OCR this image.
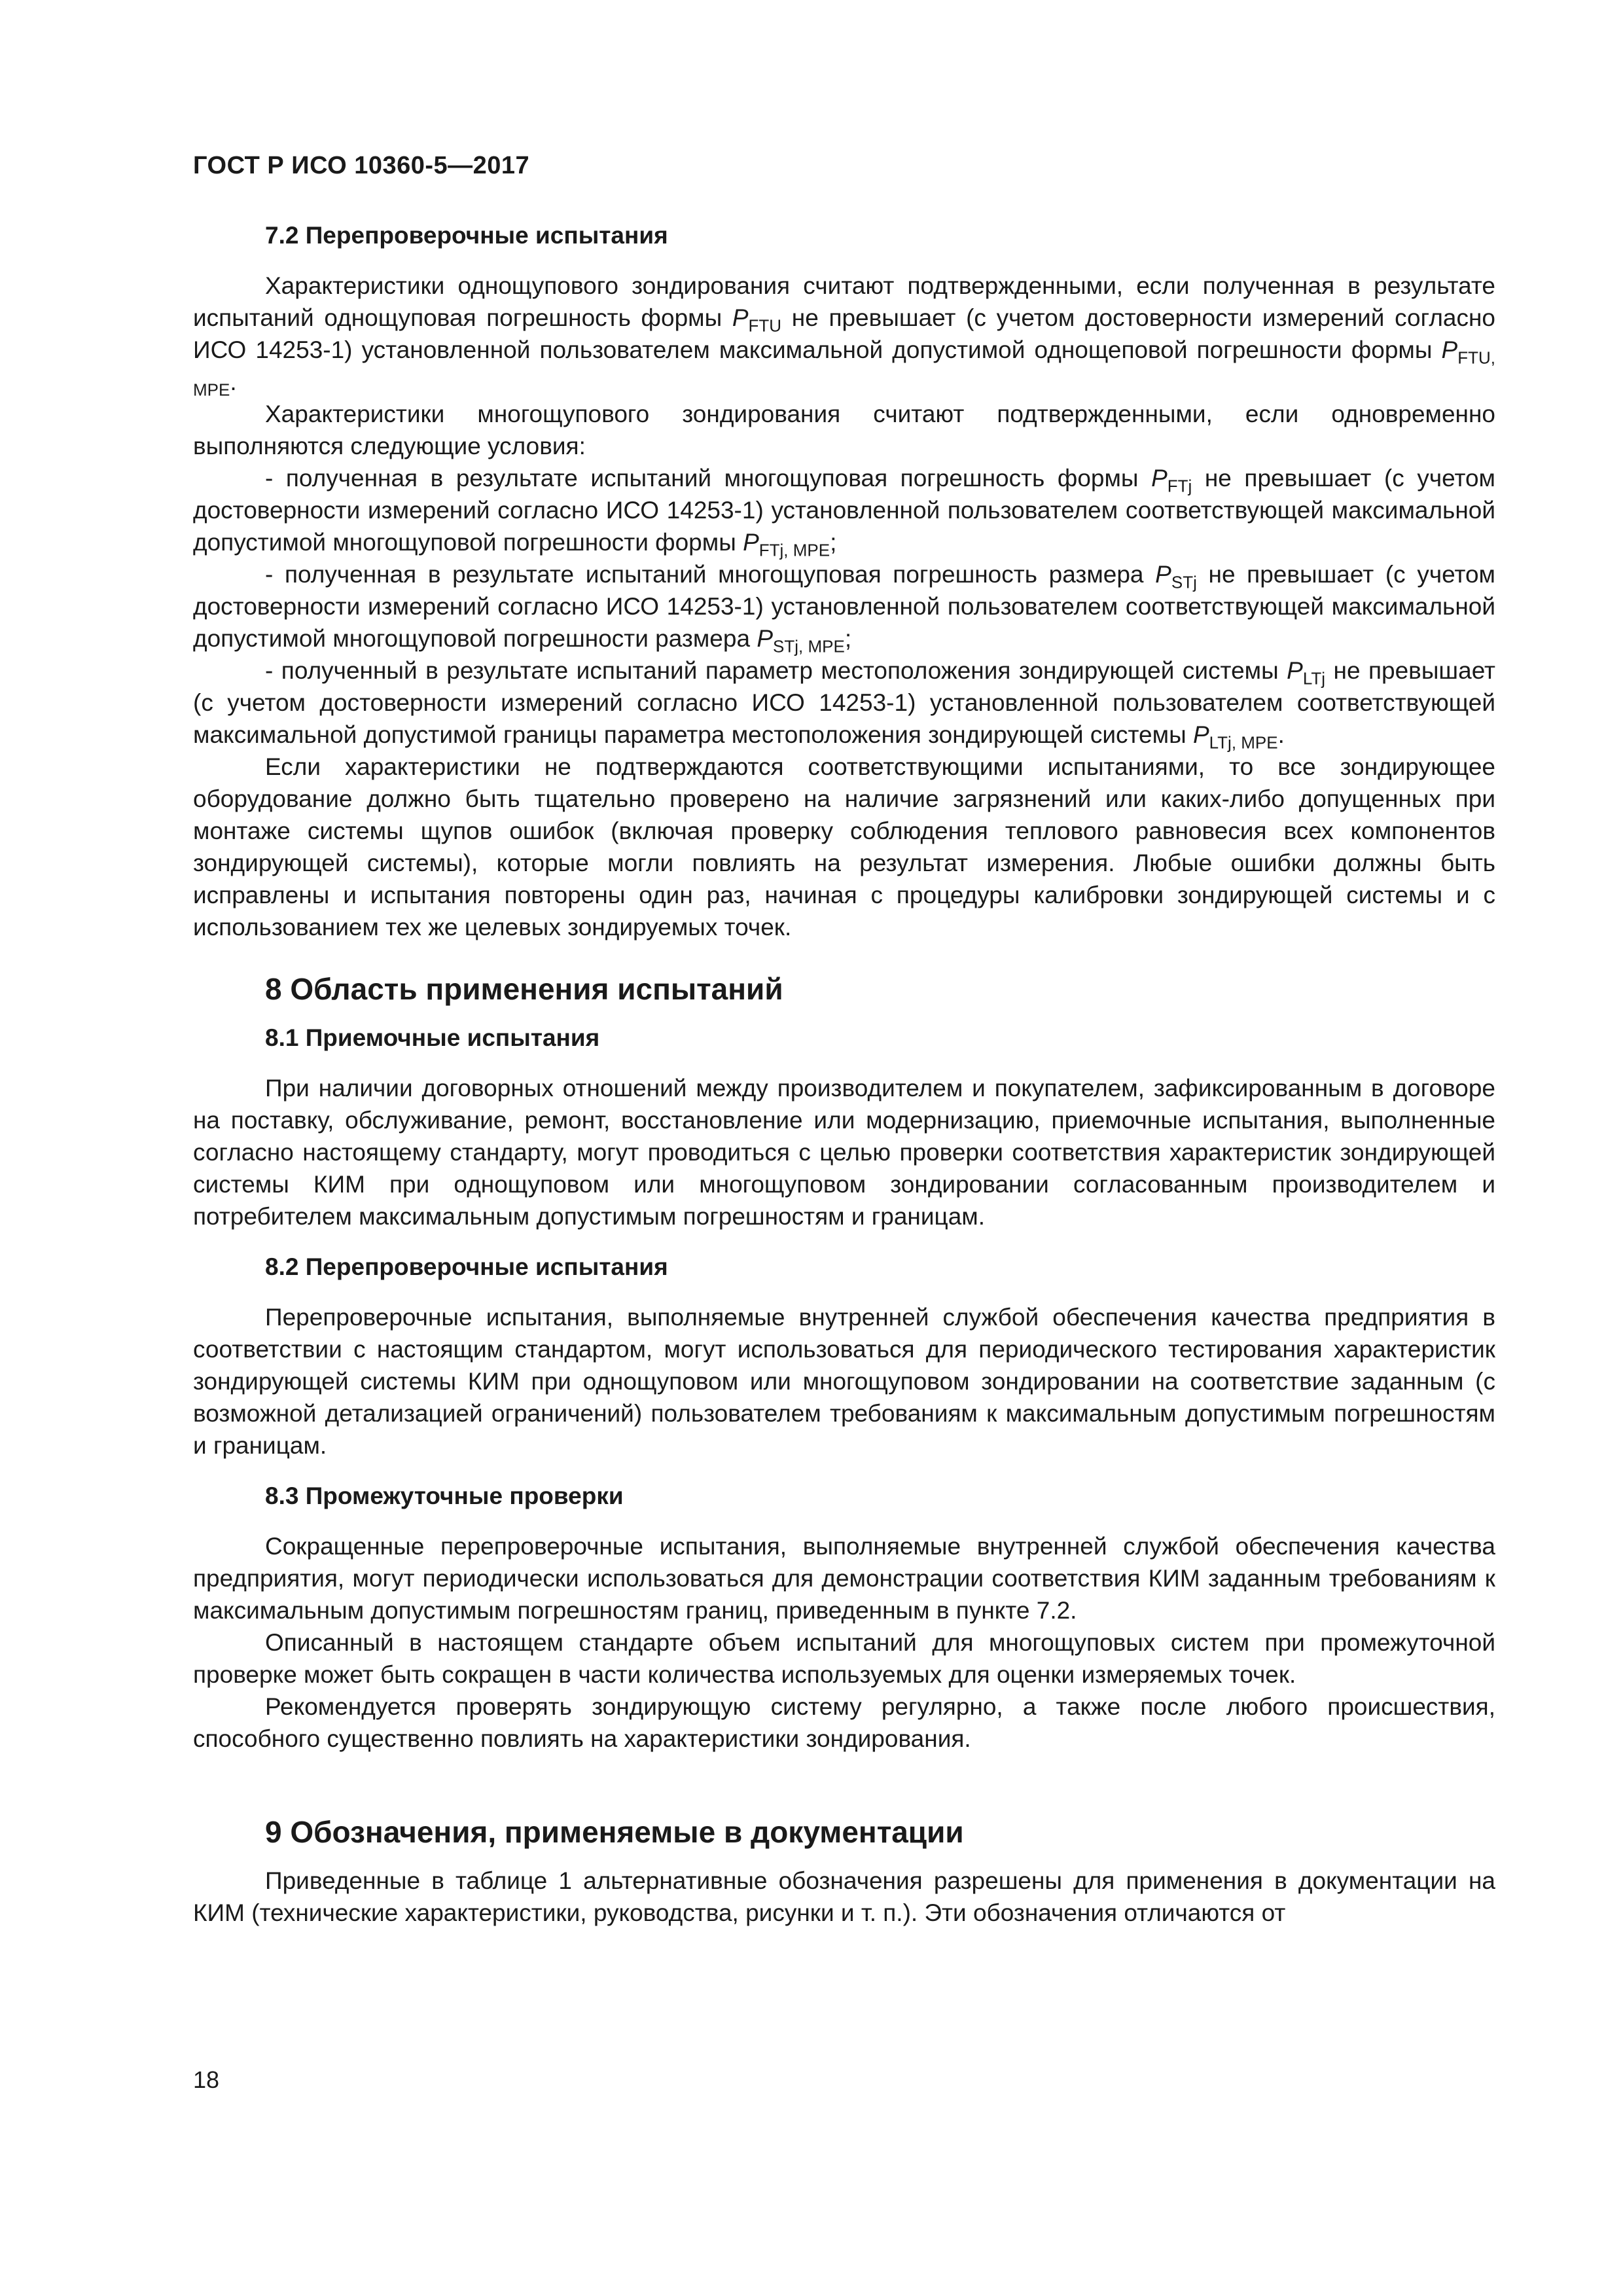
ГОСТ Р ИСО 10360-5—2017
7.2 Перепроверочные испытания

Характеристики однощупового зондирования считают подтвержденными, если полученная в результате испытаний однощуповая погрешность формы $P_{FTU}$ не превышает (с учетом достоверности измерений согласно ИСО 14253-1) установленной пользователем максимальной допустимой однощеповой погрешности формы $P_{FTU, MPE}$.

Характеристики многощупового зондирования считают подтвержденными, если одновременно выполняются следующие условия:

- полученная в результате испытаний многощуповая погрешность формы $P_{FTj}$ не превышает (с учетом достоверности измерений согласно ИСО 14253-1) установленной пользователем соответствующей максимальной допустимой многощуповой погрешности формы $P_{FTj, MPE}$;

- полученная в результате испытаний многощуповая погрешность размера $P_{STj}$ не превышает (с учетом достоверности измерений согласно ИСО 14253-1) установленной пользователем соответствующей максимальной допустимой многощуповой погрешности размера $P_{STj, MPE}$;

- полученный в результате испытаний параметр местоположения зондирующей системы $P_{LTj}$ не превышает (с учетом достоверности измерений согласно ИСО 14253-1) установленной пользователем соответствующей максимальной допустимой границы параметра местоположения зондирующей системы $P_{LTj, MPE}$.

Если характеристики не подтверждаются соответствующими испытаниями, то все зондирующее оборудование должно быть тщательно проверено на наличие загрязнений или каких-либо допущенных при монтаже системы щупов ошибок (включая проверку соблюдения теплового равновесия всех компонентов зондирующей системы), которые могли повлиять на результат измерения. Любые ошибки должны быть исправлены и испытания повторены один раз, начиная с процедуры калибровки зондирующей системы и с использованием тех же целевых зондируемых точек.

8 Область применения испытаний
8.1 Приемочные испытания

При наличии договорных отношений между производителем и покупателем, зафиксированным в договоре на поставку, обслуживание, ремонт, восстановление или модернизацию, приемочные испытания, выполненные согласно настоящему стандарту, могут проводиться с целью проверки соответствия характеристик зондирующей системы КИМ при однощуповом или многощуповом зондировании согласованным производителем и потребителем максимальным допустимым погрешностям и границам.

8.2 Перепроверочные испытания

Перепроверочные испытания, выполняемые внутренней службой обеспечения качества предприятия в соответствии с настоящим стандартом, могут использоваться для периодического тестирования характеристик зондирующей системы КИМ при однощуповом или многощуповом зондировании на соответствие заданным (с возможной детализацией ограничений) пользователем требованиям к максимальным допустимым погрешностям и границам.

8.3 Промежуточные проверки

Сокращенные перепроверочные испытания, выполняемые внутренней службой обеспечения качества предприятия, могут периодически использоваться для демонстрации соответствия КИМ заданным требованиям к максимальным допустимым погрешностям границ, приведенным в пункте 7.2.

Описанный в настоящем стандарте объем испытаний для многощуповых систем при промежуточной проверке может быть сокращен в части количества используемых для оценки измеряемых точек.

Рекомендуется проверять зондирующую систему регулярно, а также после любого происшествия, способного существенно повлиять на характеристики зондирования.

9 Обозначения, применяемые в документации

Приведенные в таблице 1 альтернативные обозначения разрешены для применения в документации на КИМ (технические характеристики, руководства, рисунки и т. п.). Эти обозначения отличаются от

18
